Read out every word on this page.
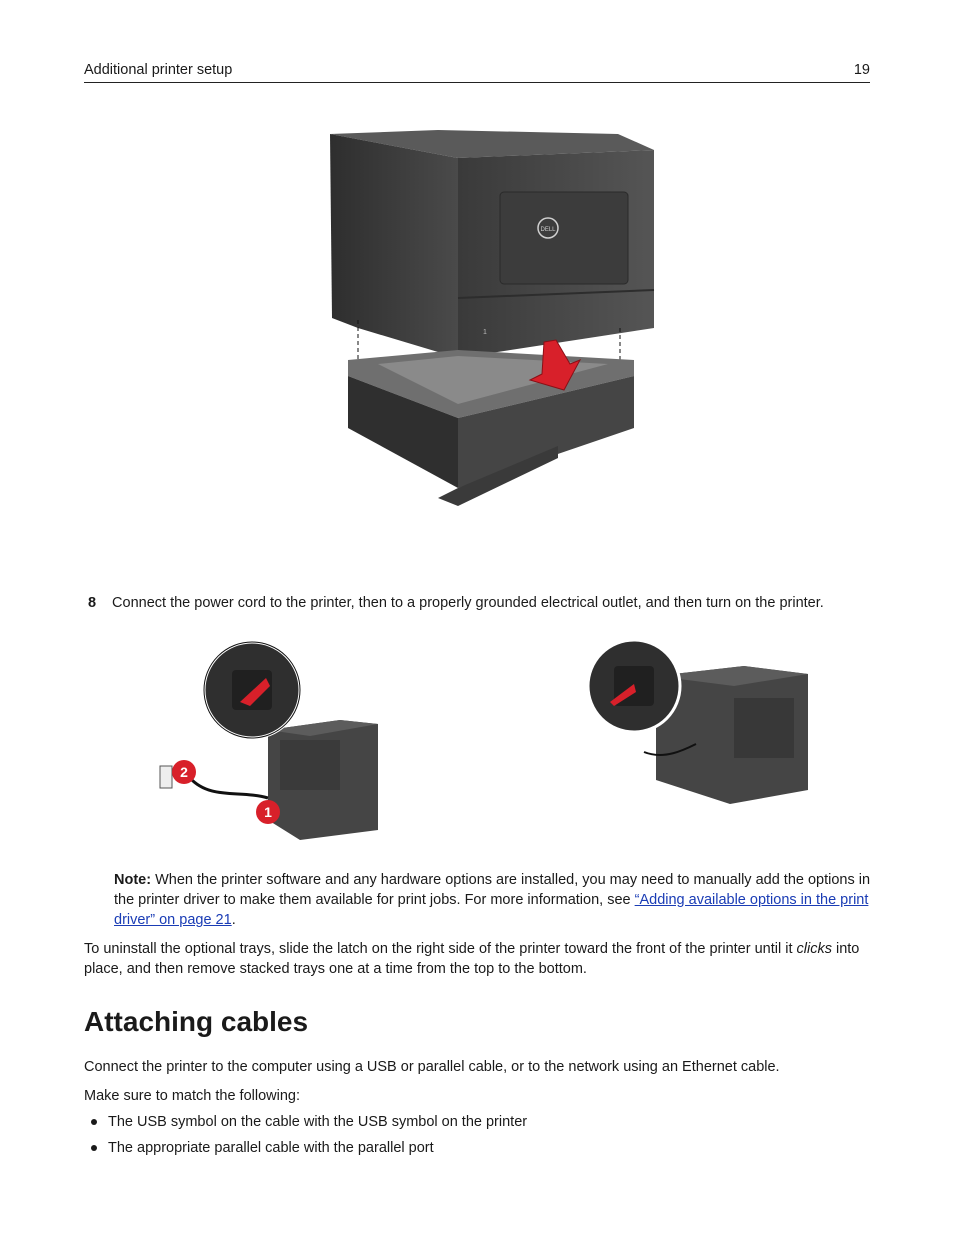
Additional printer setup	19
DELL
1
8 Connect the power cord to the printer, then to a properly grounded electrical outlet, and then turn on the printer.
2
1
Note: When the printer software and any hardware options are installed, you may need to manually add the options in the printer driver to make them available for print jobs. For more information, see “Adding available options in the print driver” on page 21.
To uninstall the optional trays, slide the latch on the right side of the printer toward the front of the printer until it clicks into place, and then remove stacked trays one at a time from the top to the bottom.
Attaching cables
Connect the printer to the computer using a USB or parallel cable, or to the network using an Ethernet cable.
Make sure to match the following:
The USB symbol on the cable with the USB symbol on the printer
The appropriate parallel cable with the parallel port
